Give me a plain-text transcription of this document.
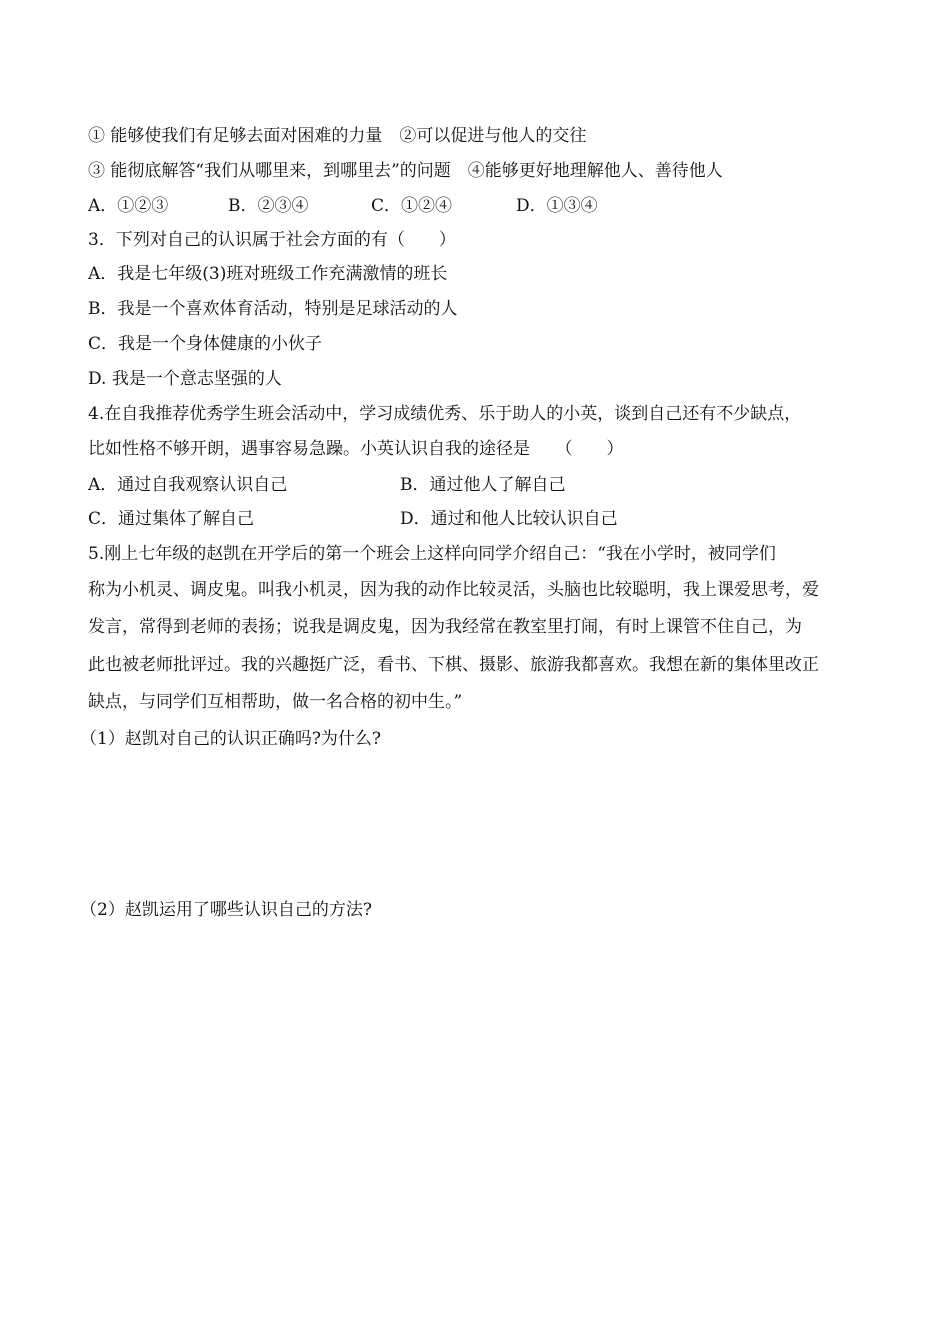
① 能够使我们有足够去面对困难的力量　②可以促进与他人的交往
③ 能彻底解答“我们从哪里来，到哪里去”的问题　④能够更好地理解他人、善待他人
A．①②③	B．②③④	C．①②④	D．①③④
3．下列对自己的认识属于社会方面的有（　　）
A．我是七年级(3)班对班级工作充满激情的班长
B．我是一个喜欢体育活动，特别是足球活动的人
C．我是一个身体健康的小伙子
D. 我是一个意志坚强的人
4.在自我推荐优秀学生班会活动中，学习成绩优秀、乐于助人的小英，谈到自己还有不少缺点，
比如性格不够开朗，遇事容易急躁。小英认识自我的途径是　　（　　）
A．通过自我观察认识自己	B．通过他人了解自己
C．通过集体了解自己	D．通过和他人比较认识自己
5.刚上七年级的赵凯在开学后的第一个班会上这样向同学介绍自己：“我在小学时，被同学们
称为小机灵、调皮鬼。叫我小机灵，因为我的动作比较灵活，头脑也比较聪明，我上课爱思考，爱
发言，常得到老师的表扬；说我是调皮鬼，因为我经常在教室里打闹，有时上课管不住自己，为
此也被老师批评过。我的兴趣挺广泛，看书、下棋、摄影、旅游我都喜欢。我想在新的集体里改正
缺点，与同学们互相帮助，做一名合格的初中生。”
（1）赵凯对自己的认识正确吗?为什么?
（2）赵凯运用了哪些认识自己的方法?
